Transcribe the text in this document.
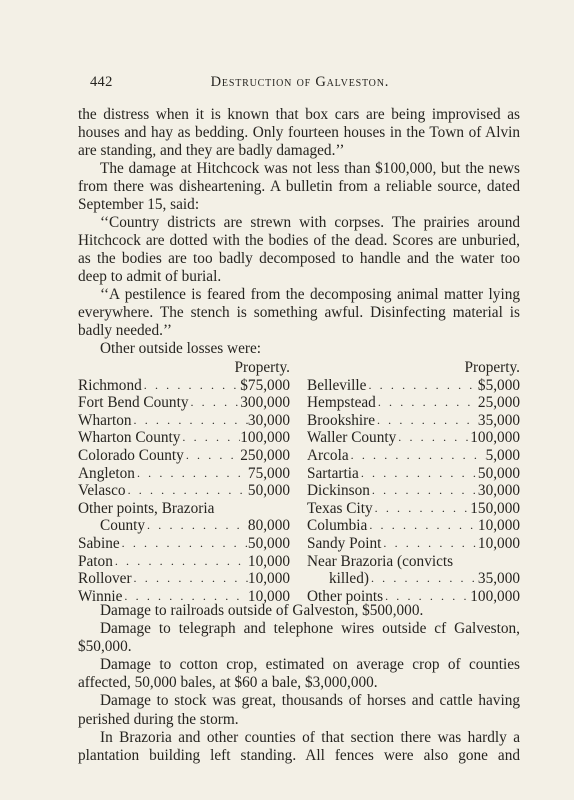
442	Destruction of Galveston.

the distress when it is known that box cars are being improvised as houses and hay as bedding. Only fourteen houses in the Town of Alvin are standing, and they are badly damaged.’’

The damage at Hitchcock was not less than $100,000, but the news from there was disheartening. A bulletin from a reliable source, dated September 15, said:

‘‘Country districts are strewn with corpses. The prairies around Hitchcock are dotted with the bodies of the dead. Scores are unburied, as the bodies are too badly decomposed to handle and the water too deep to admit of burial.

‘‘A pestilence is feared from the decomposing animal matter lying everywhere. The stench is something awful. Disinfecting material is badly needed.’’

Other outside losses were:

Property.
Richmond . . .	$75,000
Fort Bend County . . .	300,000
Wharton . . .	30,000
Wharton County . . .	100,000
Colorado County . . .	250,000
Angleton . . .	75,000
Velasco . . .	50,000
Other points, Brazoria
County . . .	80,000
Sabine . . .	50,000
Paton . . .	10,000
Rollover . . .	10,000
Winnie . . .	10,000
Property.
Belleville . . .	$5,000
Hempstead . . .	25,000
Brookshire . . .	35,000
Waller County . . .	100,000
Arcola . . .	5,000
Sartartia . . .	50,000
Dickinson . . .	30,000
Texas City . . .	150,000
Columbia . . .	10,000
Sandy Point . . .	10,000
Near Brazoria (convicts
killed) . . .	35,000
Other points . . .	100,000

Damage to railroads outside of Galveston, $500,000.

Damage to telegraph and telephone wires outside cf Galveston, $50,000.

Damage to cotton crop, estimated on average crop of counties affected, 50,000 bales, at $60 a bale, $3,000,000.

Damage to stock was great, thousands of horses and cattle having perished during the storm.

In Brazoria and other counties of that section there was hardly a plantation building left standing. All fences were also gone and
